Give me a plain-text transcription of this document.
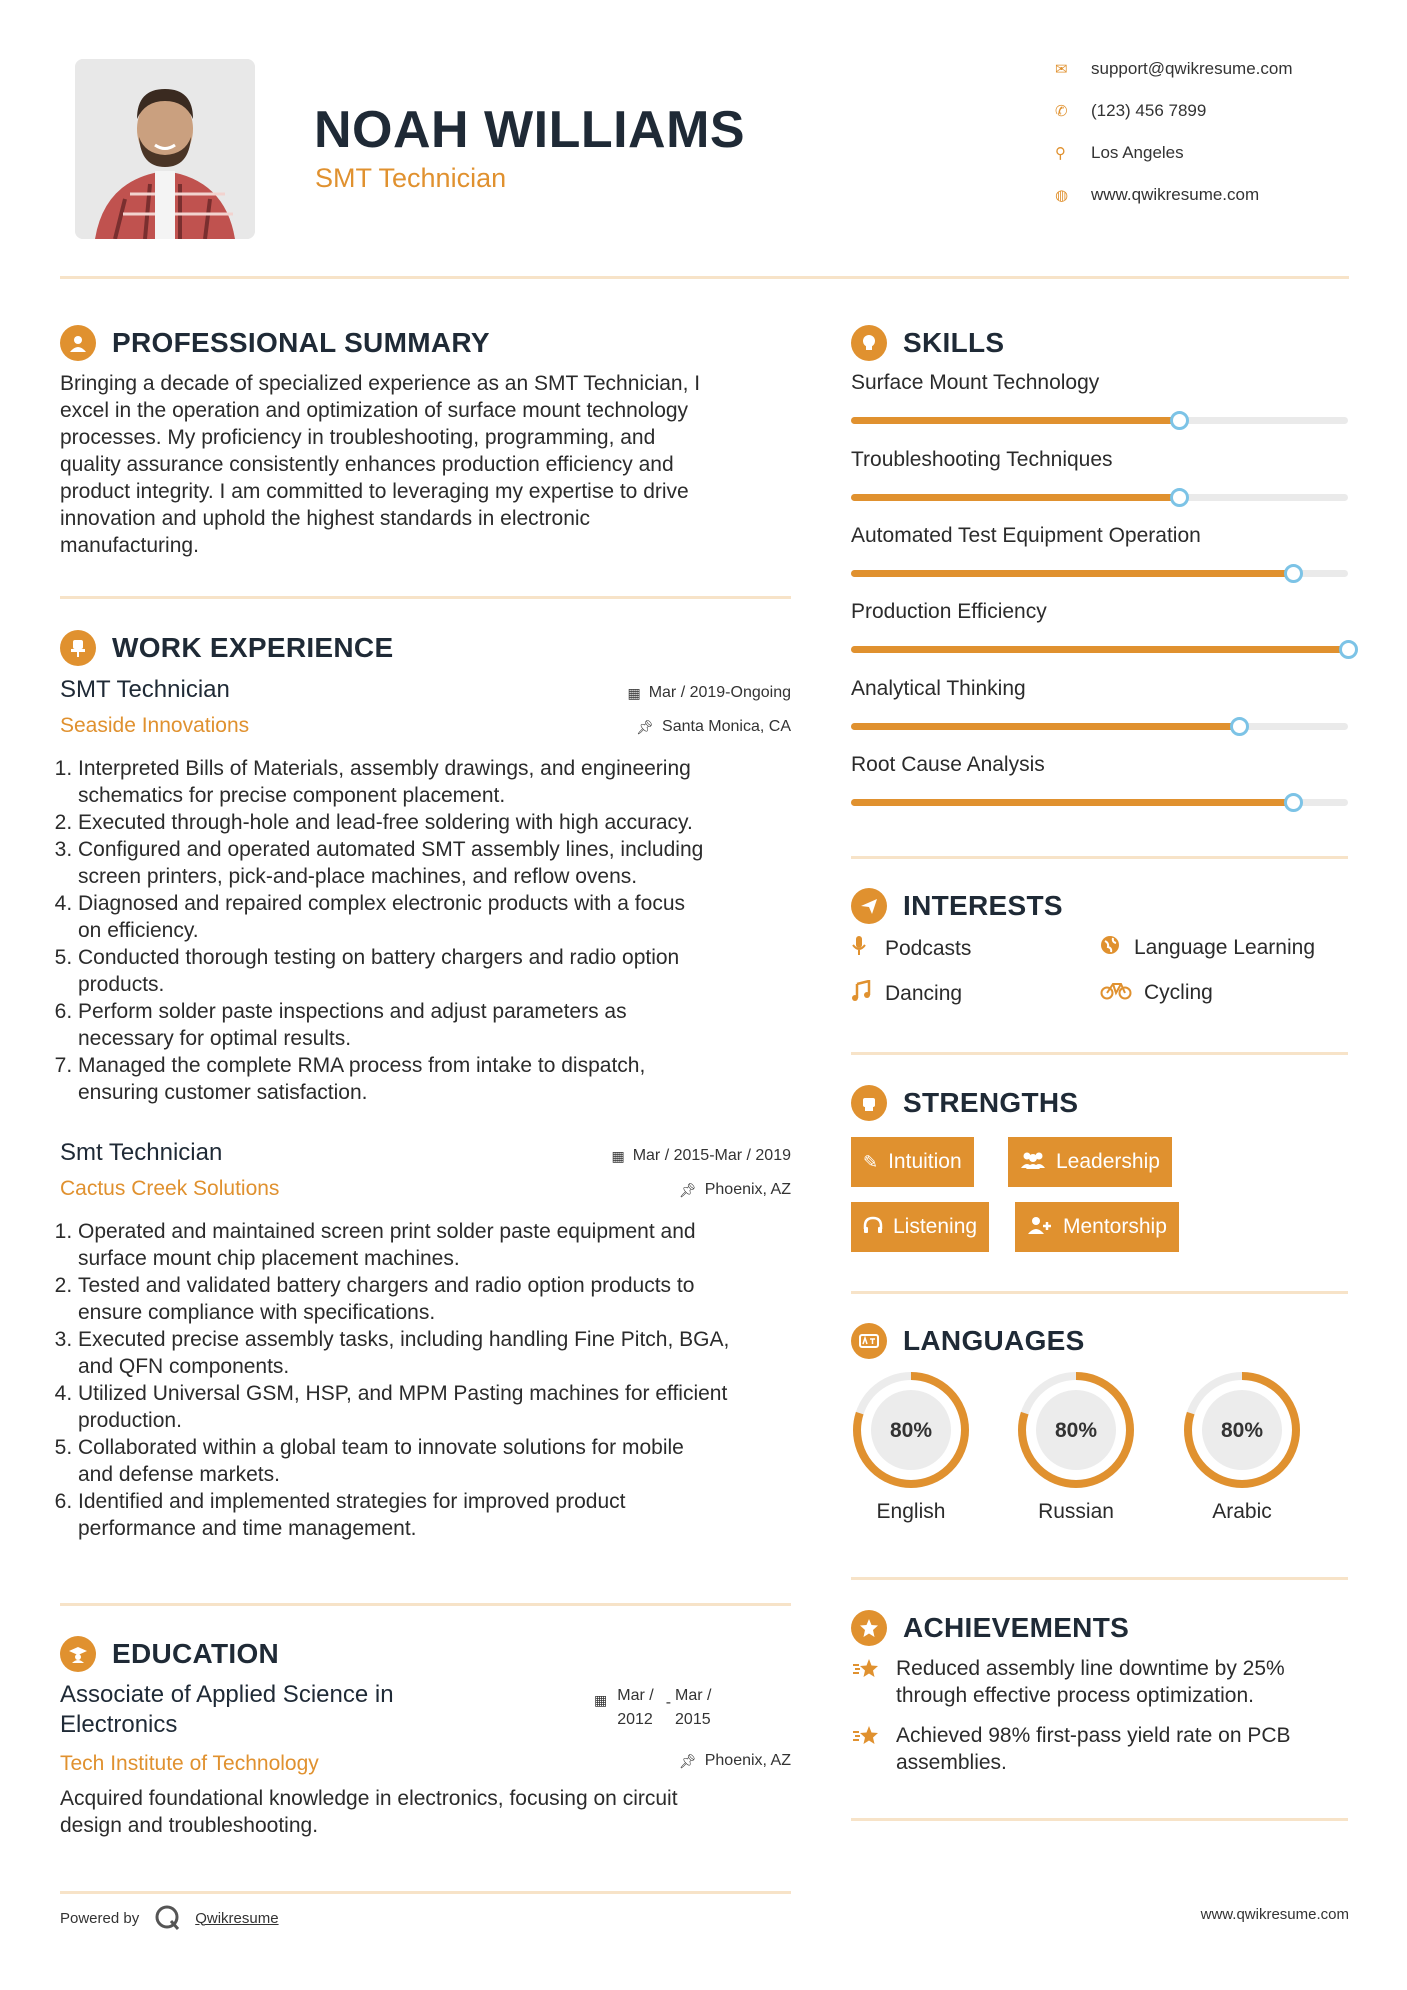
NOAH WILLIAMS
SMT Technician
✉	support@qwikresume.com
✆	(123) 456 7899
⚲	Los Angeles
◍	www.qwikresume.com
PROFESSIONAL SUMMARY
Bringing a decade of specialized experience as an SMT Technician, I
excel in the operation and optimization of surface mount technology
processes. My proficiency in troubleshooting, programming, and
quality assurance consistently enhances production efficiency and
product integrity. I am committed to leveraging my expertise to drive
innovation and uphold the highest standards in electronic
manufacturing.
WORK EXPERIENCE
SMT Technician
Seaside Innovations
▦ Mar / 2019-Ongoing
📌︎ Santa Monica, CA
1. Interpreted Bills of Materials, assembly drawings, and engineering
schematics for precise component placement.
2. Executed through-hole and lead-free soldering with high accuracy.
3. Configured and operated automated SMT assembly lines, including
screen printers, pick-and-place machines, and reflow ovens.
4. Diagnosed and repaired complex electronic products with a focus
on efficiency.
5. Conducted thorough testing on battery chargers and radio option
products.
6. Perform solder paste inspections and adjust parameters as
necessary for optimal results.
7. Managed the complete RMA process from intake to dispatch,
ensuring customer satisfaction.
Smt Technician
Cactus Creek Solutions
▦ Mar / 2015-Mar / 2019
📌︎ Phoenix, AZ
1. Operated and maintained screen print solder paste equipment and
surface mount chip placement machines.
2. Tested and validated battery chargers and radio option products to
ensure compliance with specifications.
3. Executed precise assembly tasks, including handling Fine Pitch, BGA,
and QFN components.
4. Utilized Universal GSM, HSP, and MPM Pasting machines for efficient
production.
5. Collaborated within a global team to innovate solutions for mobile
and defense markets.
6. Identified and implemented strategies for improved product
performance and time management.
EDUCATION
Associate of Applied Science in
Electronics
Tech Institute of Technology
▦ Mar /
2012
- Mar /
2015
📌︎ Phoenix, AZ
Acquired foundational knowledge in electronics, focusing on circuit
design and troubleshooting.
Powered by	Qwikresume	www.qwikresume.com
SKILLS
Surface Mount Technology
Troubleshooting Techniques
Automated Test Equipment Operation
Production Efficiency
Analytical Thinking
Root Cause Analysis
INTERESTS
Podcasts	Language Learning
Dancing	Cycling
STRENGTHS
✎ Intuition	Leadership
Listening	Mentorship
LANGUAGES
80%
English
80%
Russian
80%
Arabic
ACHIEVEMENTS
Reduced assembly line downtime by 25%
through effective process optimization.
Achieved 98% first-pass yield rate on PCB
assemblies.
